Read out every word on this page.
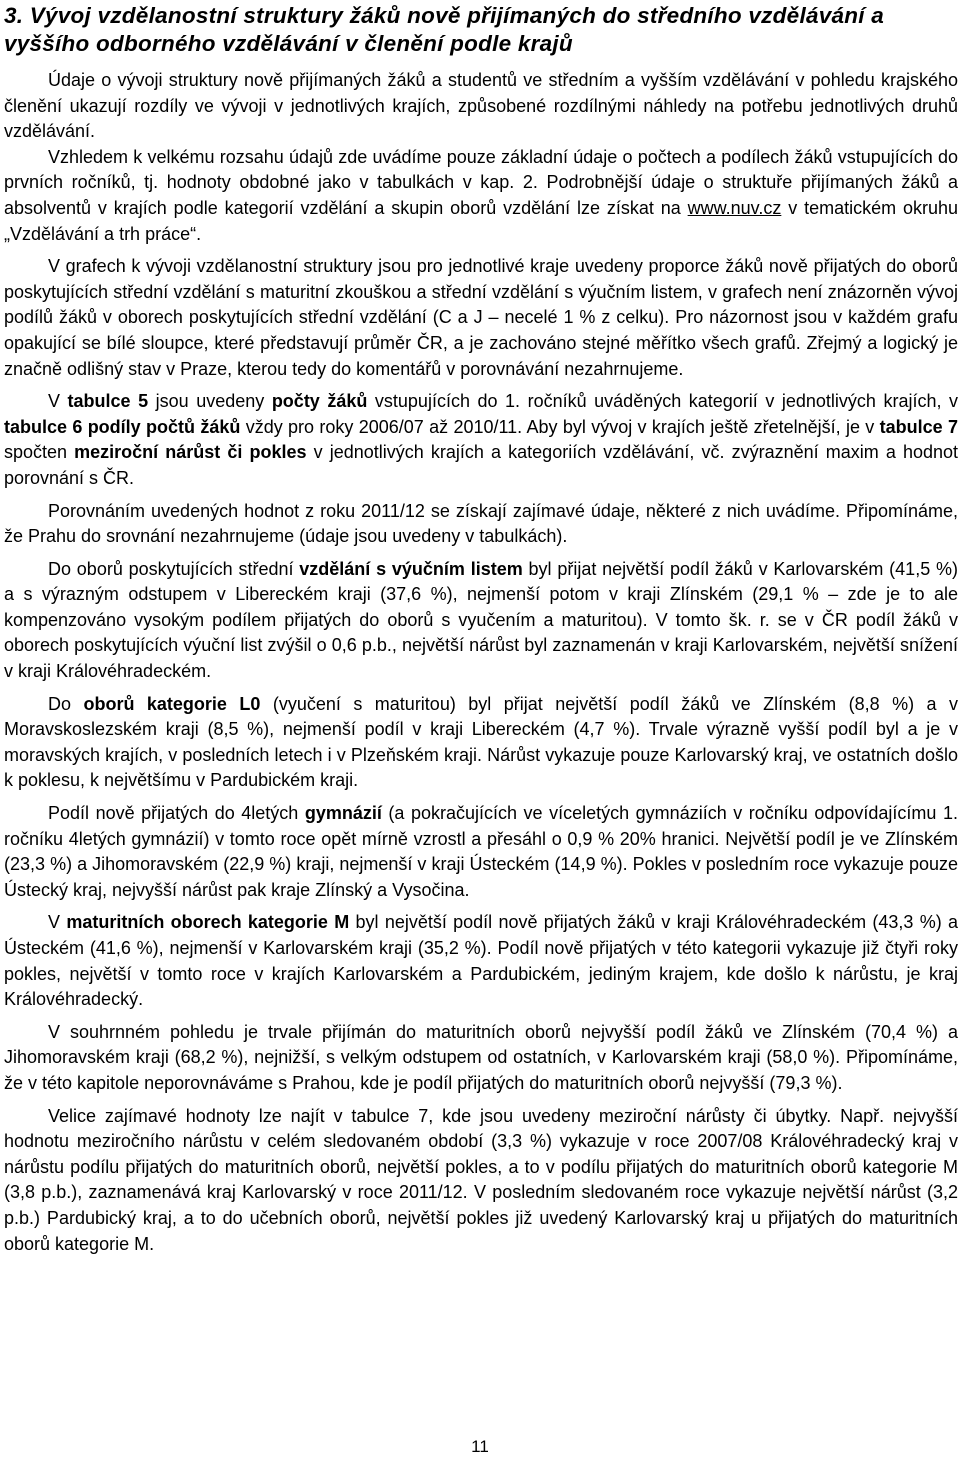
3. Vývoj vzdělanostní struktury žáků nově přijímaných do středního vzdělávání a vyššího odborného vzdělávání v členění podle krajů

Údaje o vývoji struktury nově přijímaných žáků a studentů ve středním a vyšším vzdělávání v pohledu krajského členění ukazují rozdíly ve vývoji v jednotlivých krajích, způsobené rozdílnými náhledy na potřebu jednotlivých druhů vzdělávání.

Vzhledem k velkému rozsahu údajů zde uvádíme pouze základní údaje o počtech a podílech žáků vstupujících do prvních ročníků, tj. hodnoty obdobné jako v tabulkách v kap. 2. Podrobnější údaje o struktuře přijímaných žáků a absolventů v krajích podle kategorií vzdělání a skupin oborů vzdělání lze získat na www.nuv.cz v tematickém okruhu „Vzdělávání a trh práce“.

V grafech k vývoji vzdělanostní struktury jsou pro jednotlivé kraje uvedeny proporce žáků nově přijatých do oborů poskytujících střední vzdělání s maturitní zkouškou a střední vzdělání s výučním listem, v grafech není znázorněn vývoj podílů žáků v oborech poskytujících střední vzdělání (C a J – necelé 1 % z celku). Pro názornost jsou v každém grafu opakující se bílé sloupce, které představují průměr ČR, a je zachováno stejné měřítko všech grafů. Zřejmý a logický je značně odlišný stav v Praze, kterou tedy do komentářů v porovnávání nezahrnujeme.

V tabulce 5 jsou uvedeny počty žáků vstupujících do 1. ročníků uváděných kategorií v jednotlivých krajích, v tabulce 6 podíly počtů žáků vždy pro roky 2006/07 až 2010/11. Aby byl vývoj v krajích ještě zřetelnější, je v tabulce 7 spočten meziroční nárůst či pokles v jednotlivých krajích a kategoriích vzdělávání, vč. zvýraznění maxim a hodnot porovnání s ČR.

Porovnáním uvedených hodnot z roku 2011/12 se získají zajímavé údaje, některé z nich uvádíme. Připomínáme, že Prahu do srovnání nezahrnujeme (údaje jsou uvedeny v tabulkách).

Do oborů poskytujících střední vzdělání s výučním listem byl přijat největší podíl žáků v Karlovarském (41,5 %) a s výrazným odstupem v Libereckém kraji (37,6 %), nejmenší potom v kraji Zlínském (29,1 % – zde je to ale kompenzováno vysokým podílem přijatých do oborů s vyučením a maturitou). V tomto šk. r. se v ČR podíl žáků v oborech poskytujících výuční list zvýšil o 0,6 p.b., největší nárůst byl zaznamenán v kraji Karlovarském, největší snížení v kraji Královéhradeckém.

Do oborů kategorie L0 (vyučení s maturitou) byl přijat největší podíl žáků ve Zlínském (8,8 %) a v Moravskoslezském kraji (8,5 %), nejmenší podíl v kraji Libereckém (4,7 %). Trvale výrazně vyšší podíl byl a je v moravských krajích, v posledních letech i v Plzeňském kraji. Nárůst vykazuje pouze Karlovarský kraj, ve ostatních došlo k poklesu, k největšímu v Pardubickém kraji.

Podíl nově přijatých do 4letých gymnázií (a pokračujících ve víceletých gymnáziích v ročníku odpovídajícímu 1. ročníku 4letých gymnázií) v tomto roce opět mírně vzrostl a přesáhl o 0,9 % 20% hranici. Největší podíl je ve Zlínském (23,3 %) a Jihomoravském (22,9 %) kraji, nejmenší v kraji Ústeckém (14,9 %). Pokles v posledním roce vykazuje pouze Ústecký kraj, nejvyšší nárůst pak kraje Zlínský a Vysočina.

V maturitních oborech kategorie M byl největší podíl nově přijatých žáků v kraji Královéhradeckém (43,3 %) a Ústeckém (41,6 %), nejmenší v Karlovarském kraji (35,2 %). Podíl nově přijatých v této kategorii vykazuje již čtyři roky pokles, největší v tomto roce v krajích Karlovarském a Pardubickém, jediným krajem, kde došlo k nárůstu, je kraj Královéhradecký.

V souhrnném pohledu je trvale přijímán do maturitních oborů nejvyšší podíl žáků ve Zlínském (70,4 %) a Jihomoravském kraji (68,2 %), nejnižší, s velkým odstupem od ostatních, v Karlovarském kraji (58,0 %). Připomínáme, že v této kapitole neporovnáváme s Prahou, kde je podíl přijatých do maturitních oborů nejvyšší (79,3 %).

Velice zajímavé hodnoty lze najít v tabulce 7, kde jsou uvedeny meziroční nárůsty či úbytky. Např. nejvyšší hodnotu meziročního nárůstu v celém sledovaném období (3,3 %) vykazuje v roce 2007/08 Královéhradecký kraj v nárůstu podílu přijatých do maturitních oborů, největší pokles, a to v podílu přijatých do maturitních oborů kategorie M (3,8 p.b.), zaznamenává kraj Karlovarský v roce 2011/12. V posledním sledovaném roce vykazuje největší nárůst (3,2 p.b.) Pardubický kraj, a to do učebních oborů, největší pokles již uvedený Karlovarský kraj u přijatých do maturitních oborů kategorie M.

11
